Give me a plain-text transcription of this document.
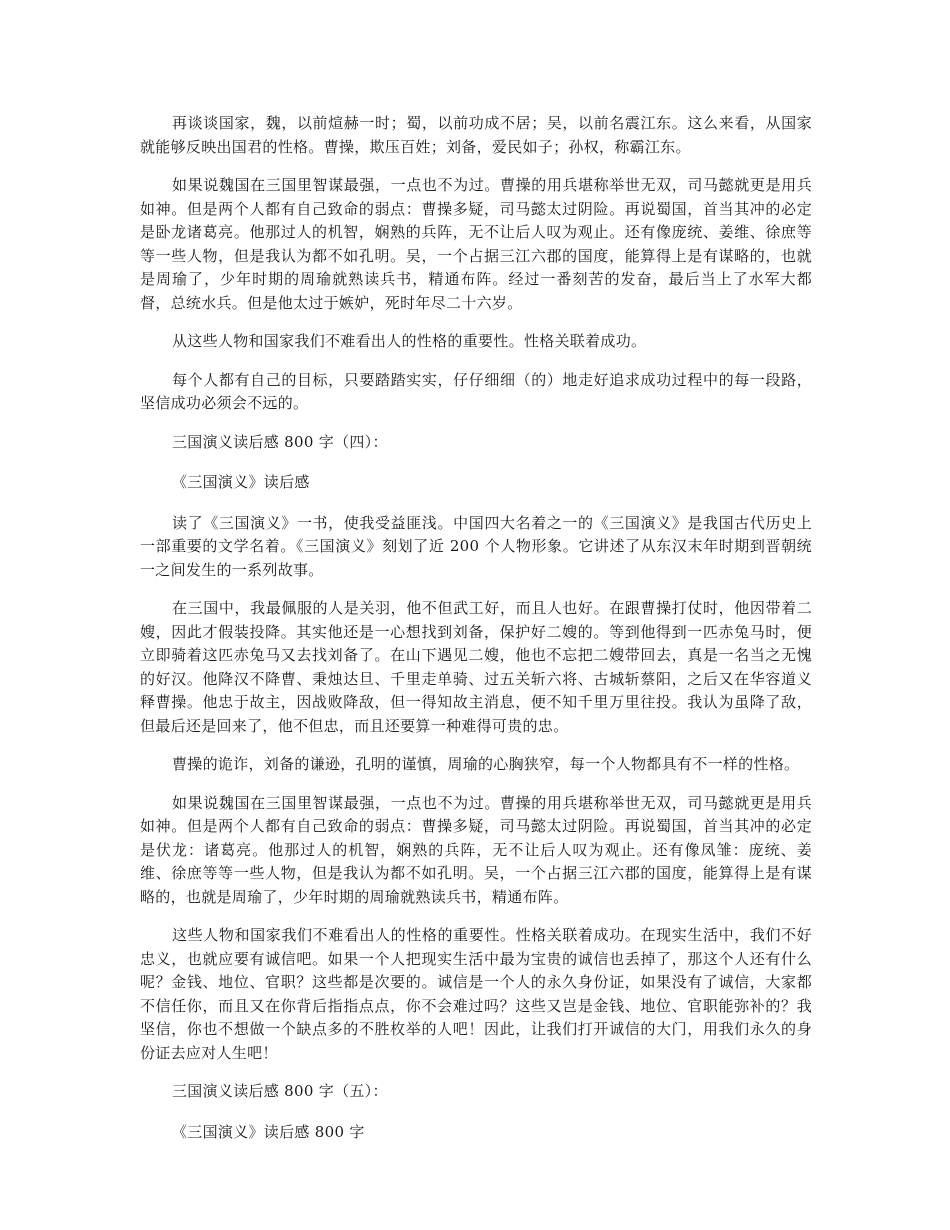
再谈谈国家，魏，以前煊赫一时；蜀，以前功成不居；吴，以前名震江东。这么来看，从国家就能够反映出国君的性格。曹操，欺压百姓；刘备，爱民如子；孙权，称霸江东。

如果说魏国在三国里智谋最强，一点也不为过。曹操的用兵堪称举世无双，司马懿就更是用兵如神。但是两个人都有自己致命的弱点：曹操多疑，司马懿太过阴险。再说蜀国，首当其冲的必定是卧龙诸葛亮。他那过人的机智，娴熟的兵阵，无不让后人叹为观止。还有像庞统、姜维、徐庶等等一些人物，但是我认为都不如孔明。吴，一个占据三江六郡的国度，能算得上是有谋略的，也就是周瑜了，少年时期的周瑜就熟读兵书，精通布阵。经过一番刻苦的发奋，最后当上了水军大都督，总统水兵。但是他太过于嫉妒，死时年尽二十六岁。

从这些人物和国家我们不难看出人的性格的重要性。性格关联着成功。

每个人都有自己的目标，只要踏踏实实，仔仔细细（的）地走好追求成功过程中的每一段路，坚信成功必须会不远的。

三国演义读后感 800 字（四）：

《三国演义》读后感

读了《三国演义》一书，使我受益匪浅。中国四大名着之一的《三国演义》是我国古代历史上一部重要的文学名着。《三国演义》刻划了近 200 个人物形象。它讲述了从东汉末年时期到晋朝统一之间发生的一系列故事。

在三国中，我最佩服的人是关羽，他不但武工好，而且人也好。在跟曹操打仗时，他因带着二嫂，因此才假装投降。其实他还是一心想找到刘备，保护好二嫂的。等到他得到一匹赤兔马时，便立即骑着这匹赤兔马又去找刘备了。在山下遇见二嫂，他也不忘把二嫂带回去，真是一名当之无愧的好汉。他降汉不降曹、秉烛达旦、千里走单骑、过五关斩六将、古城斩蔡阳，之后又在华容道义释曹操。他忠于故主，因战败降敌，但一得知故主消息，便不知千里万里往投。我认为虽降了敌，但最后还是回来了，他不但忠，而且还要算一种难得可贵的忠。

曹操的诡诈，刘备的谦逊，孔明的谨慎，周瑜的心胸狭窄，每一个人物都具有不一样的性格。

如果说魏国在三国里智谋最强，一点也不为过。曹操的用兵堪称举世无双，司马懿就更是用兵如神。但是两个人都有自己致命的弱点：曹操多疑，司马懿太过阴险。再说蜀国，首当其冲的必定是伏龙：诸葛亮。他那过人的机智，娴熟的兵阵，无不让后人叹为观止。还有像凤雏：庞统、姜维、徐庶等等一些人物，但是我认为都不如孔明。吴，一个占据三江六郡的国度，能算得上是有谋略的，也就是周瑜了，少年时期的周瑜就熟读兵书，精通布阵。

这些人物和国家我们不难看出人的性格的重要性。性格关联着成功。在现实生活中，我们不好忠义，也就应要有诚信吧。如果一个人把现实生活中最为宝贵的诚信也丢掉了，那这个人还有什么呢？金钱、地位、官职？这些都是次要的。诚信是一个人的永久身份证，如果没有了诚信，大家都不信任你，而且又在你背后指指点点，你不会难过吗？这些又岂是金钱、地位、官职能弥补的？我坚信，你也不想做一个缺点多的不胜枚举的人吧！因此，让我们打开诚信的大门，用我们永久的身份证去应对人生吧！

三国演义读后感 800 字（五）：

《三国演义》读后感 800 字
